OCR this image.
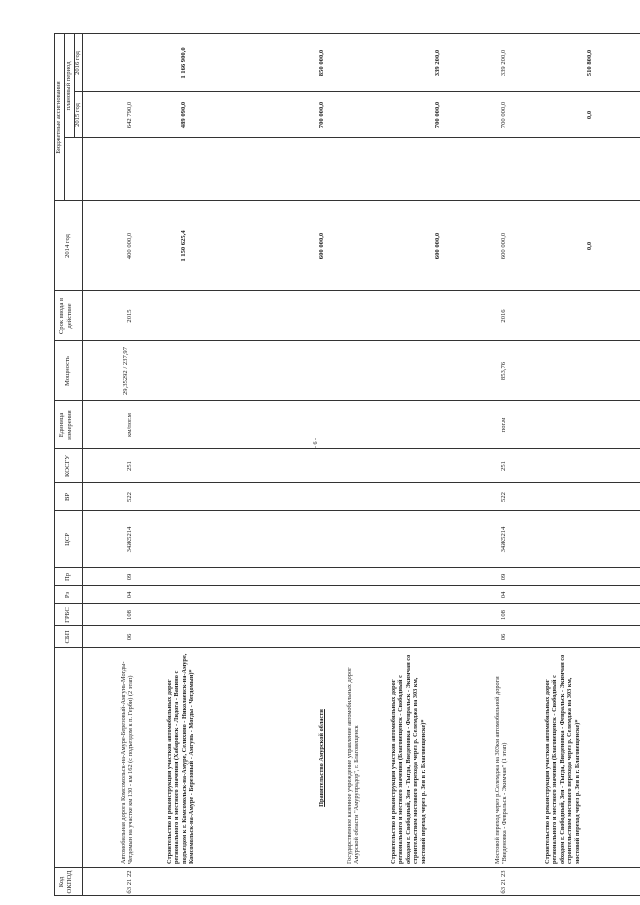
Код ОКПОД
СБП
ГРБС
Рз
Пр
ЦСР
ВР
КОСГУ
Единица измерения
Мощность
Срок ввода в действие
Бюджетные ассигнования плановый период
2014 год
2015 год
2016 год
б3 21 22
Автомобильная дорога Комсомольск-на-Амуре-Березовый-Амгунь-Могды-Чегдомын на участке км 130 - км 162 (с подъездом к п. Герби) (2 этап)
06
108
04
09
34Ж5214
522
251
км/пог.м
29,35292 / 237,97
2015
400 000,0
642 790,0
Строительство и реконструкция участков автомобильных дорог регионального и местного значения (Хабаровск - Лидога - Ванино с подъездом к г. Комсомольск-на-Амуре, Селихино - Николаевск-на-Амуре, Комсомольск-на-Амуре - Березовый - Амгунь - Могды - Чегдомын)*
1 150 625,4
489 090,0
1 166 900,0
Правительство Амурской области
600 000,0
700 000,0
850 000,0
Государственное казенное учреждение управление автомобильных дорог Амурской области "Амурупрадор", г. Благовещенск	Строительство и реконструкция участков автомобильных дорог регионального и местного значения (Благовещенск - Свободный с обходом г. Свободный, Зея - Тыгда, Введеновка - Февральск - Экимчан со строительством мостового перехода через р. Селемджа на 303 км, мостовой переход через р. Зея в г. Благовещенске)*
600 000,0
700 000,0
339 200,0
б3 21 23
Мостовой переход через р.Селемджа на 303км автомобильной дороги "Введеновка - Февральск - Экимчан" (1 этап)
06
108
04
09
34Ж5214
522
251
пог.м
853,76
2016
600 000,0
700 000,0
339 200,0
Строительство и реконструкция участков автомобильных дорог регионального и местного значения (Благовещенск - Свободный с обходом г. Свободный, Зея - Тыгда, Введеновка - Февральск - Экимчан со строительством мостового перехода через р. Селемджа на 303 км, мостовой переход через р. Зея в г. Благовещенске)*
0,0
0,0
510 800,0
- 6 -
